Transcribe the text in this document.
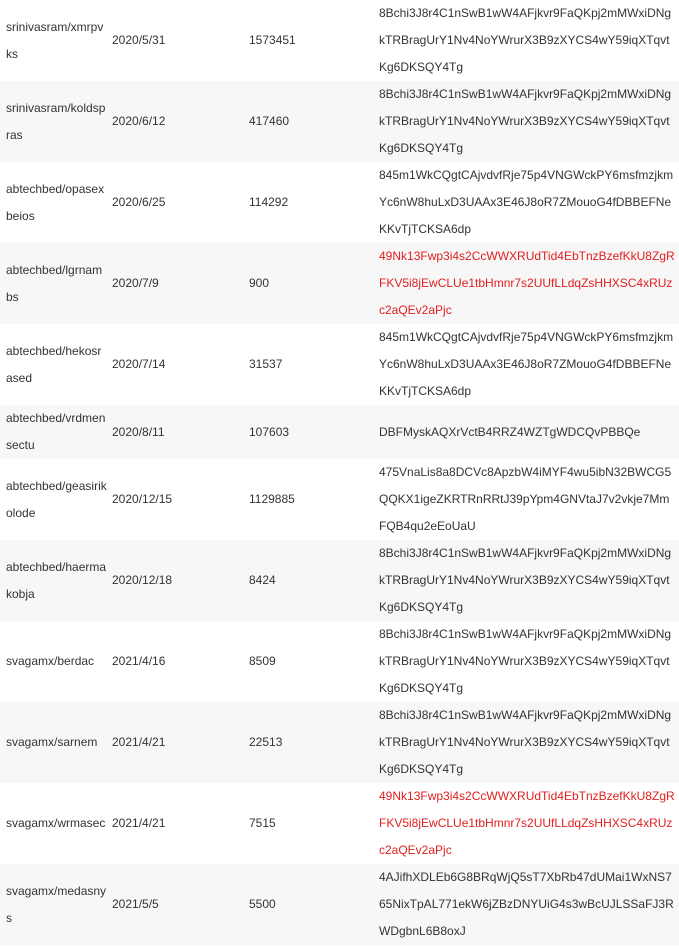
srinivasram/xmrpvks	2020/5/31	1573451	8Bchi3J8r4C1nSwB1wW4AFjkvr9FaQKpj2mMWxiDNgkTRBragUrY1Nv4NoYWrurX3B9zXYCS4wY59iqXTqvtKg6DKSQY4Tg
srinivasram/koldspras	2020/6/12	417460	8Bchi3J8r4C1nSwB1wW4AFjkvr9FaQKpj2mMWxiDNgkTRBragUrY1Nv4NoYWrurX3B9zXYCS4wY59iqXTqvtKg6DKSQY4Tg
abtechbed/opasexbeios	2020/6/25	114292	845m1WkCQgtCAjvdvfRje75p4VNGWckPY6msfmzjkmYc6nW8huLxD3UAAx3E46J8oR7ZMouoG4fDBBEFNeKKvTjTCKSA6dp
abtechbed/lgrnambs	2020/7/9	900	49Nk13Fwp3i4s2CcWWXRUdTid4EbTnzBzefKkU8ZgRFKV5i8jEwCLUe1tbHmnr7s2UUfLLdqZsHHXSC4xRUzc2aQEv2aPjc
abtechbed/hekosrased	2020/7/14	31537	845m1WkCQgtCAjvdvfRje75p4VNGWckPY6msfmzjkmYc6nW8huLxD3UAAx3E46J8oR7ZMouoG4fDBBEFNeKKvTjTCKSA6dp
abtechbed/vrdmensectu	2020/8/11	107603	DBFMyskAQXrVctB4RRZ4WZTgWDCQvPBBQe
abtechbed/geasirikolode	2020/12/15	1129885	475VnaLis8a8DCVc8ApzbW4iMYF4wu5ibN32BWCG5QQKX1igeZKRTRnRRtJ39pYpm4GNVtaJ7v2vkje7MmFQB4qu2eEoUaU
abtechbed/haermakobja	2020/12/18	8424	8Bchi3J8r4C1nSwB1wW4AFjkvr9FaQKpj2mMWxiDNgkTRBragUrY1Nv4NoYWrurX3B9zXYCS4wY59iqXTqvtKg6DKSQY4Tg
svagamx/berdac	2021/4/16	8509	8Bchi3J8r4C1nSwB1wW4AFjkvr9FaQKpj2mMWxiDNgkTRBragUrY1Nv4NoYWrurX3B9zXYCS4wY59iqXTqvtKg6DKSQY4Tg
svagamx/sarnem	2021/4/21	22513	8Bchi3J8r4C1nSwB1wW4AFjkvr9FaQKpj2mMWxiDNgkTRBragUrY1Nv4NoYWrurX3B9zXYCS4wY59iqXTqvtKg6DKSQY4Tg
svagamx/wrmasec	2021/4/21	7515	49Nk13Fwp3i4s2CcWWXRUdTid4EbTnzBzefKkU8ZgRFKV5i8jEwCLUe1tbHmnr7s2UUfLLdqZsHHXSC4xRUzc2aQEv2aPjc
svagamx/medasnys	2021/5/5	5500	4AJifhXDLEb6G8BRqWjQ5sT7XbRb47dUMai1WxNS765NixTpAL771ekW6jZBzDNYUiG4s3wBcUJLSSaFJ3RWDgbnL6B8oxJ
